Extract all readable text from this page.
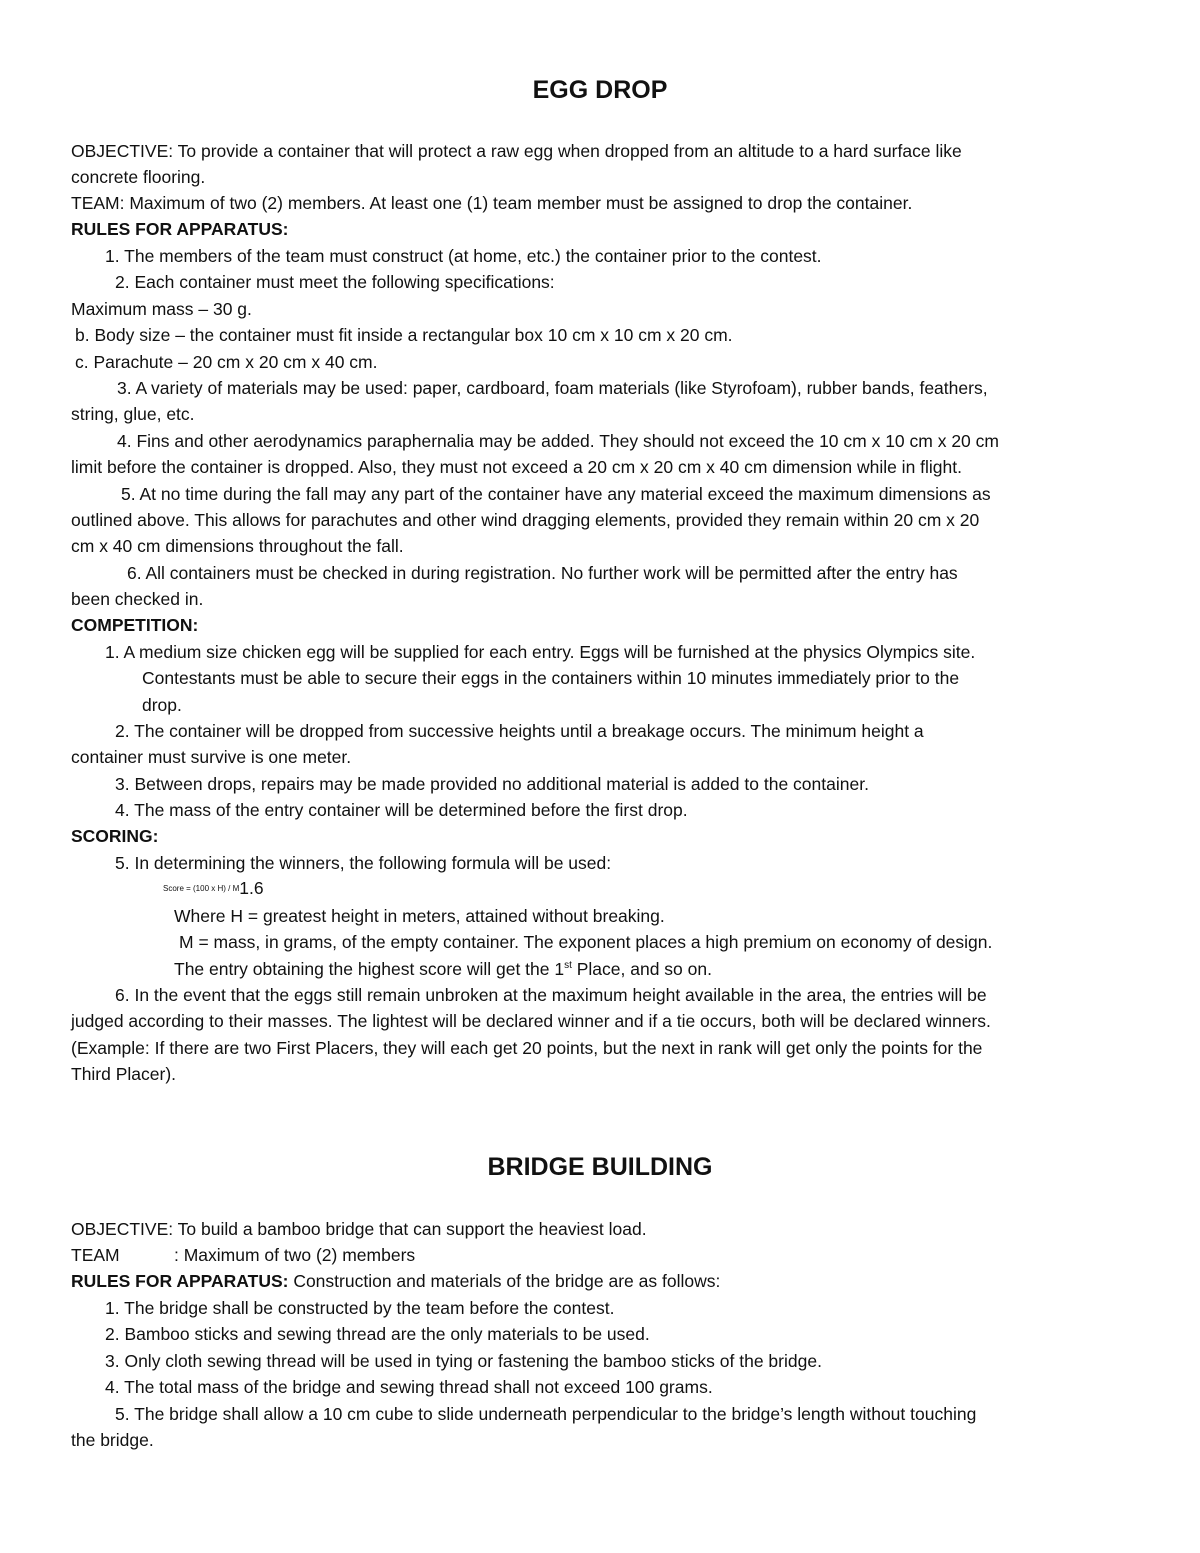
EGG DROP
OBJECTIVE: To provide a container that will protect a raw egg when dropped from an altitude to a hard surface like
concrete flooring.
TEAM: Maximum of two (2) members. At least one (1) team member must be assigned to drop the container.
RULES FOR APPARATUS:
1. The members of the team must construct (at home, etc.) the container prior to the contest.
2. Each container must meet the following specifications:
Maximum mass – 30 g.
b. Body size – the container must fit inside a rectangular box 10 cm x 10 cm x 20 cm.
c. Parachute – 20 cm x 20 cm x 40 cm.
3. A variety of materials may be used: paper, cardboard, foam materials (like Styrofoam), rubber bands, feathers,
string, glue, etc.
4. Fins and other aerodynamics paraphernalia may be added. They should not exceed the 10 cm x 10 cm x 20 cm
limit before the container is dropped. Also, they must not exceed a 20 cm x 20 cm x 40 cm dimension while in flight.
5. At no time during the fall may any part of the container have any material exceed the maximum dimensions as
outlined above. This allows for parachutes and other wind dragging elements, provided they remain within 20 cm x 20
cm x 40 cm dimensions throughout the fall.
6. All containers must be checked in during registration. No further work will be permitted after the entry has
been checked in.
COMPETITION:
1. A medium size chicken egg will be supplied for each entry. Eggs will be furnished at the physics Olympics site.
Contestants must be able to secure their eggs in the containers within 10 minutes immediately prior to the
drop.
2. The container will be dropped from successive heights until a breakage occurs. The minimum height a
container must survive is one meter.
3. Between drops, repairs may be made provided no additional material is added to the container.
4. The mass of the entry container will be determined before the first drop.
SCORING:
5. In determining the winners, the following formula will be used:
Score = (100 x H) / M1.6
Where H = greatest height in meters, attained without breaking.
M = mass, in grams, of the empty container. The exponent places a high premium on economy of design.
The entry obtaining the highest score will get the 1st Place, and so on.
6. In the event that the eggs still remain unbroken at the maximum height available in the area, the entries will be
judged according to their masses. The lightest will be declared winner and if a tie occurs, both will be declared winners.
(Example: If there are two First Placers, they will each get 20 points, but the next in rank will get only the points for the
Third Placer).
BRIDGE BUILDING
OBJECTIVE: To build a bamboo bridge that can support the heaviest load.
TEAM	: Maximum of two (2) members
RULES FOR APPARATUS: Construction and materials of the bridge are as follows:
1. The bridge shall be constructed by the team before the contest.
2. Bamboo sticks and sewing thread are the only materials to be used.
3. Only cloth sewing thread will be used in tying or fastening the bamboo sticks of the bridge.
4. The total mass of the bridge and sewing thread shall not exceed 100 grams.
5. The bridge shall allow a 10 cm cube to slide underneath perpendicular to the bridge’s length without touching
the bridge.
